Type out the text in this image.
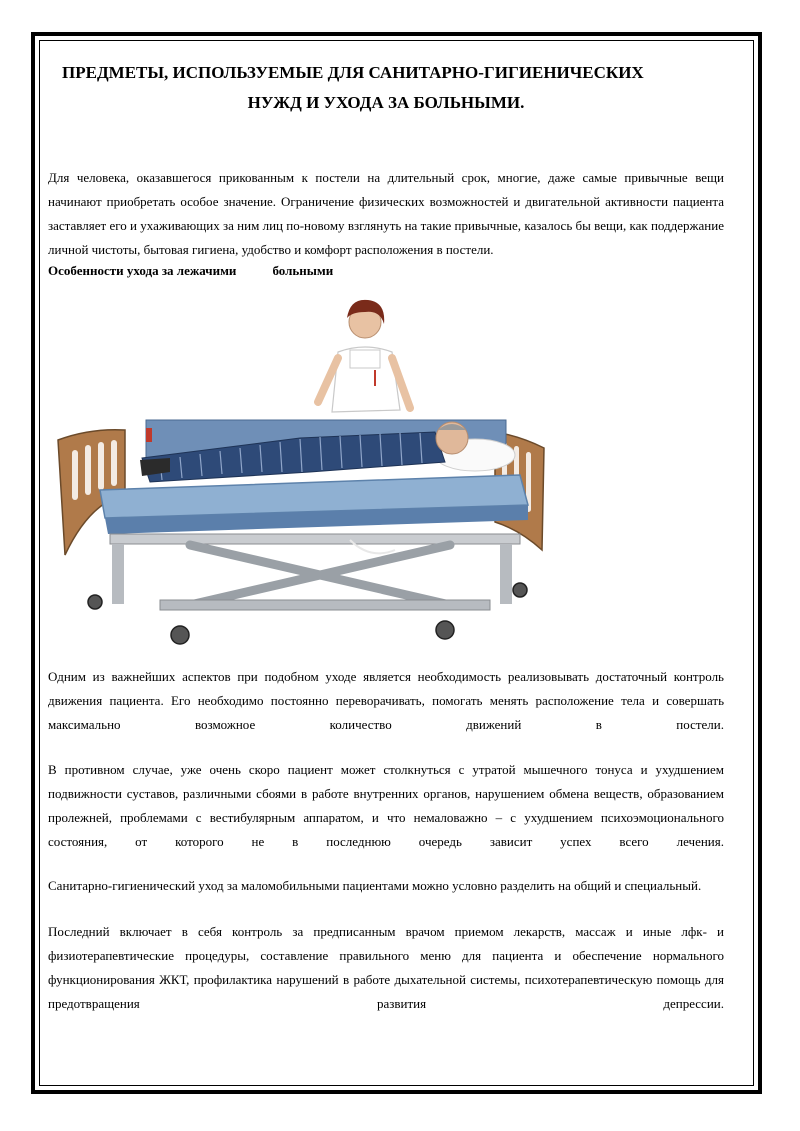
ПРЕДМЕТЫ, ИСПОЛЬЗУЕМЫЕ ДЛЯ САНИТАРНО-ГИГИЕНИЧЕСКИХ
НУЖД И УХОДА ЗА БОЛЬНЫМИ.

Для человека, оказавшегося прикованным к постели на длительный срок, многие, даже самые привычные вещи начинают приобретать особое значение. Ограничение физических возможностей и двигательной активности пациента заставляет его и ухаживающих за ним лиц по-новому взглянуть на такие привычные, казалось бы вещи, как поддержание личной чистоты, бытовая гигиена, удобство и комфорт расположения в постели.

Особенности ухода за лежачими	больными

Одним из важнейших аспектов при подобном уходе является необходимость реализовывать достаточный контроль движения пациента. Его необходимо постоянно переворачивать, помогать менять расположение тела и совершать максимально возможное количество движений в постели.

В противном случае, уже очень скоро пациент может столкнуться с утратой мышечного тонуса и ухудшением подвижности суставов, различными сбоями в работе внутренних органов, нарушением обмена веществ, образованием пролежней, проблемами с вестибулярным аппаратом, и что немаловажно – с ухудшением психоэмоционального состояния, от которого не в последнюю очередь зависит успех всего лечения.

Санитарно-гигиенический уход за маломобильными пациентами можно условно разделить на общий и специальный.

Последний включает в себя контроль за предписанным врачом приемом лекарств, массаж и иные лфк- и физиотерапевтические процедуры, составление правильного меню для пациента и обеспечение нормального функционирования ЖКТ, профилактика нарушений в работе дыхательной системы, психотерапевтическую помощь для предотвращения развития депрессии.
